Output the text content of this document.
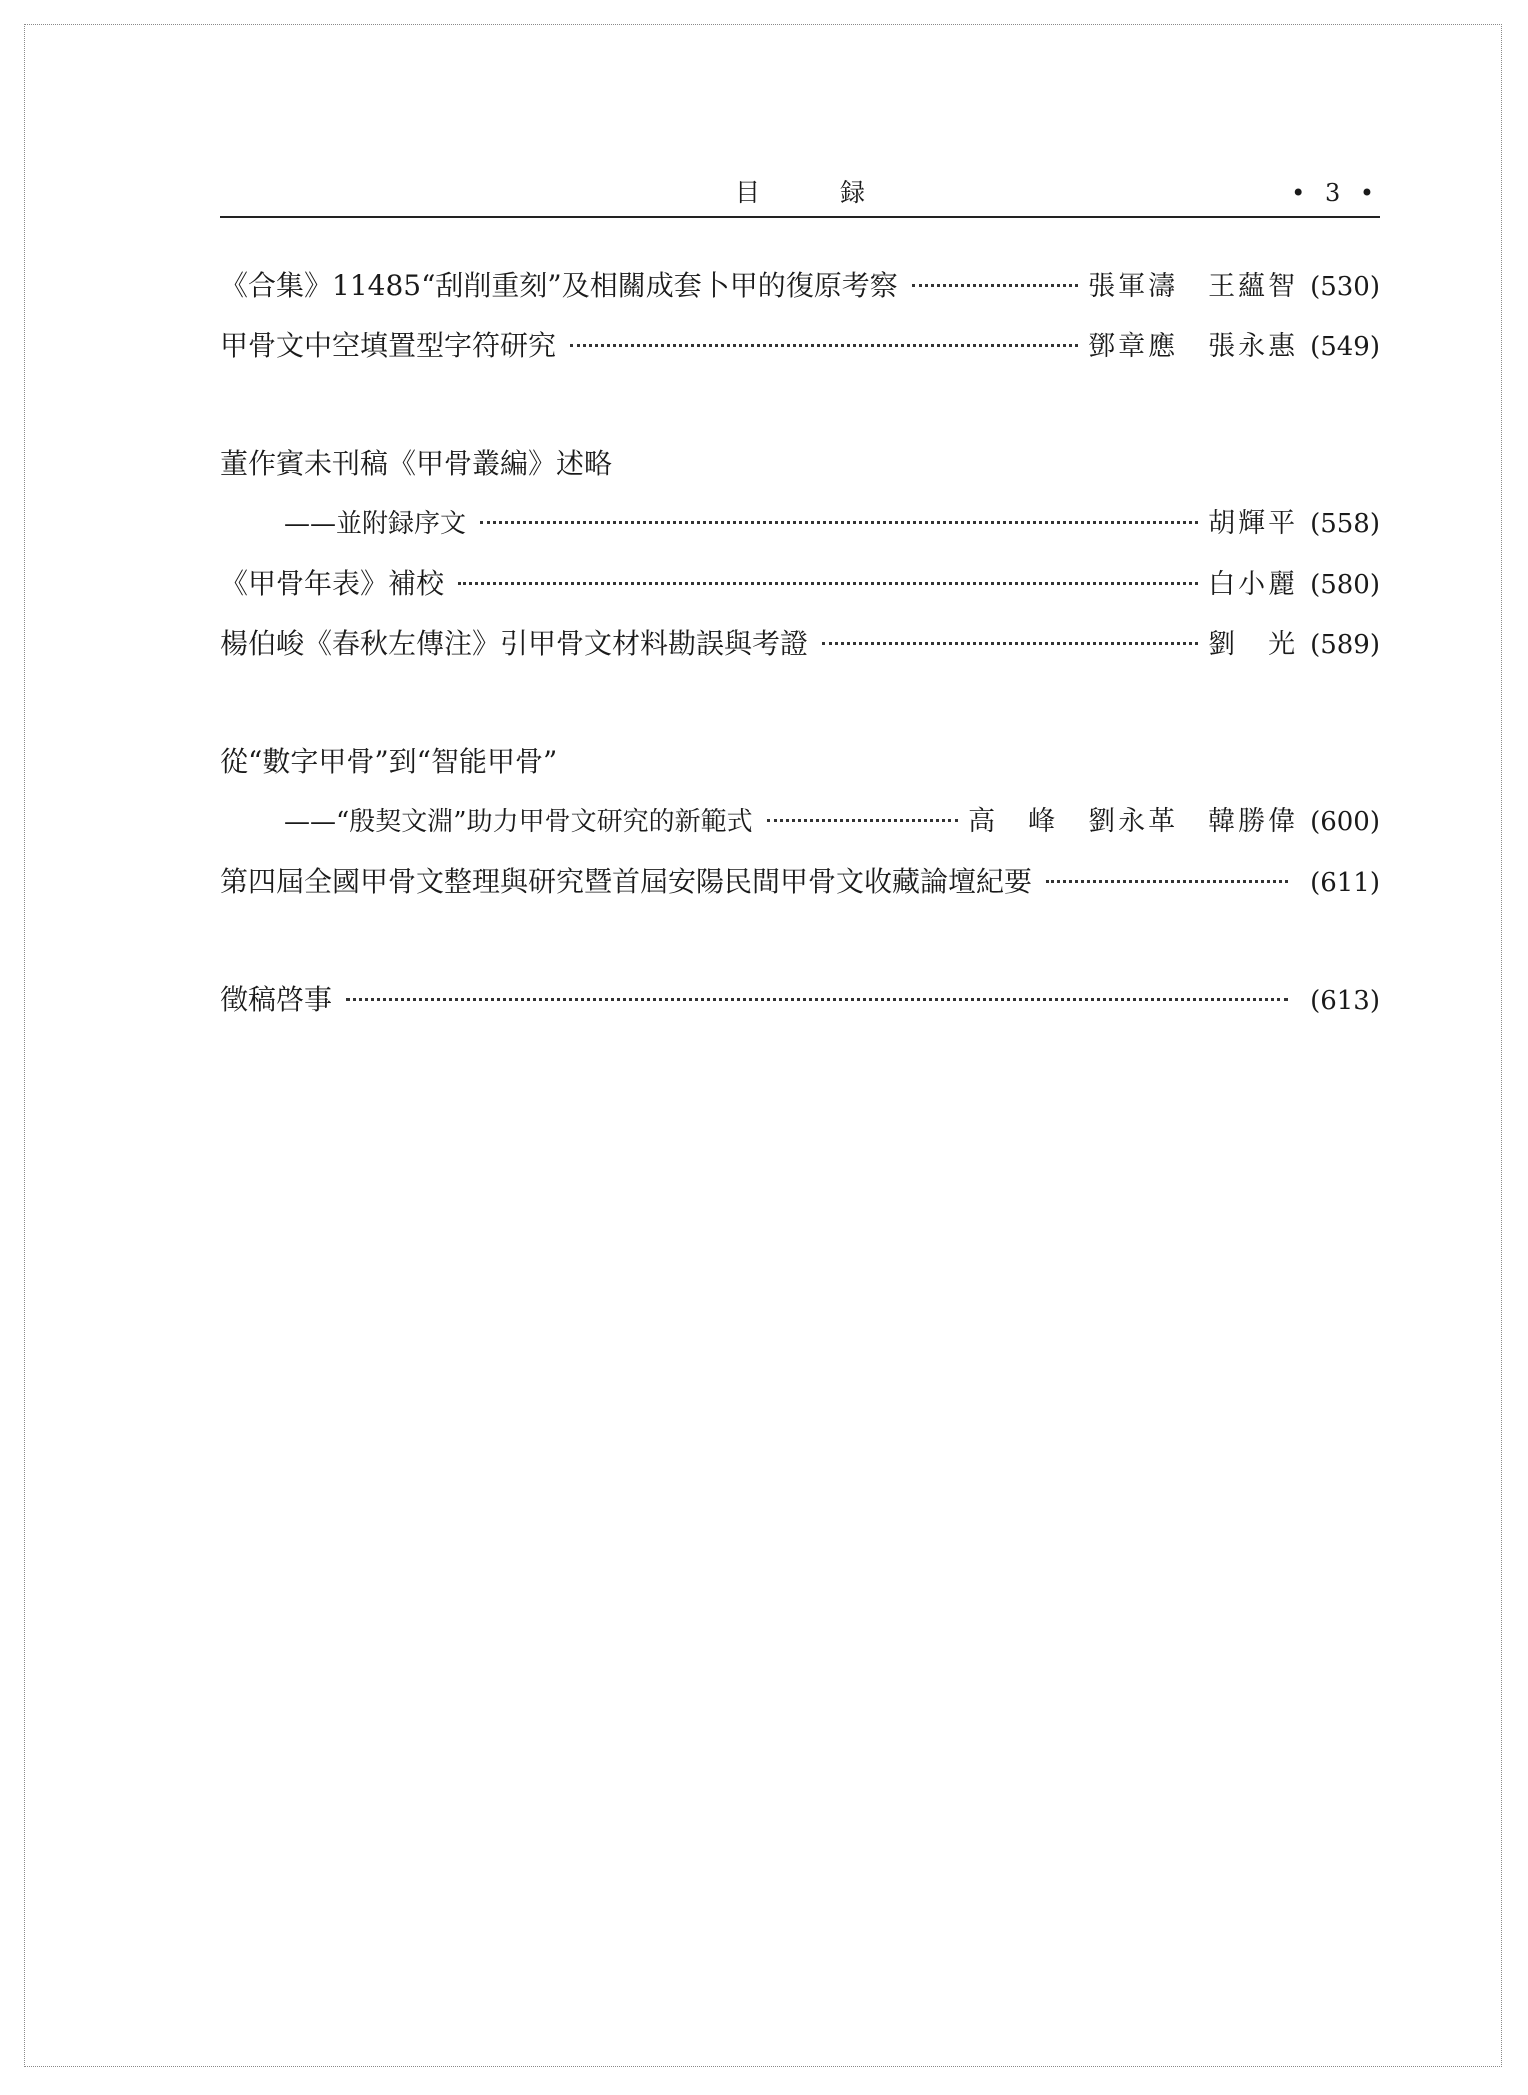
目 録	• 3 •
《合集》11485“刮削重刻”及相關成套卜甲的復原考察	張軍濤　王蘊智 (530)
甲骨文中空填置型字符研究	鄧章應　張永惠 (549)
董作賓未刊稿《甲骨叢編》述略
——並附録序文	胡輝平 (558)
《甲骨年表》補校	白小麗 (580)
楊伯峻《春秋左傳注》引甲骨文材料勘誤與考證	劉　光 (589)
從“數字甲骨”到“智能甲骨”
——“殷契文淵”助力甲骨文研究的新範式	高　峰　劉永革　韓勝偉 (600)
第四屆全國甲骨文整理與研究暨首屆安陽民間甲骨文收藏論壇紀要	(611)
徵稿啓事	(613)
